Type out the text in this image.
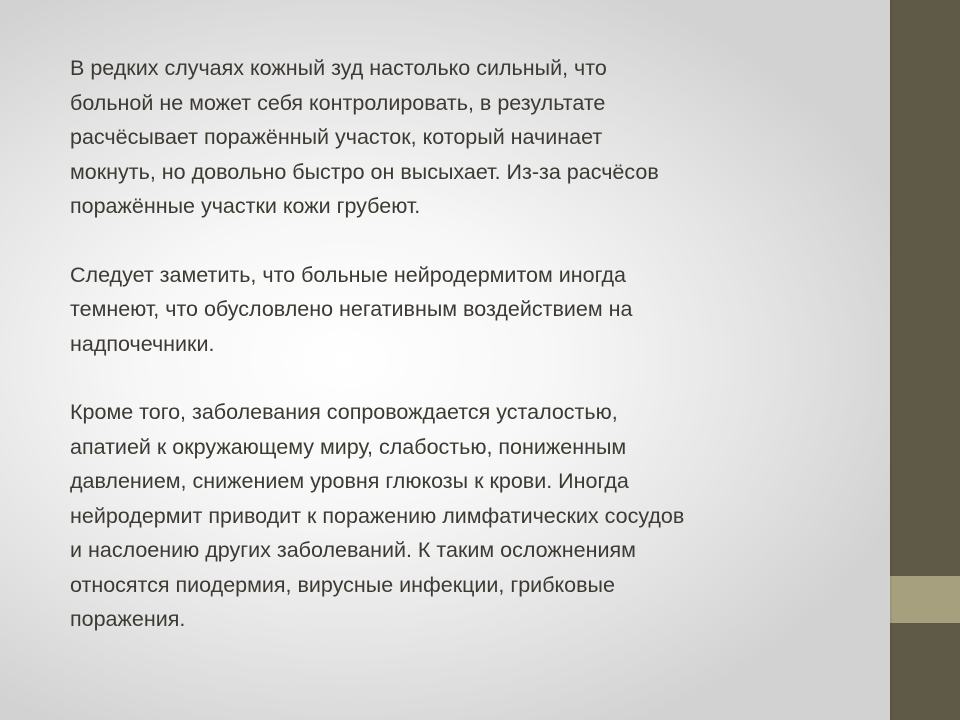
В редких случаях кожный зуд настолько сильный, что
больной не может себя контролировать, в результате
расчёсывает поражённый участок, который начинает
мокнуть, но довольно быстро он высыхает. Из-за расчёсов
поражённые участки кожи грубеют.

Следует заметить, что больные нейродермитом иногда
темнеют, что обусловлено негативным воздействием на
надпочечники.

Кроме того, заболевания сопровождается усталостью,
апатией к окружающему миру, слабостью, пониженным
давлением, снижением уровня глюкозы к крови. Иногда
нейродермит приводит к поражению лимфатических сосудов
и наслоению других заболеваний. К таким осложнениям
относятся пиодермия, вирусные инфекции, грибковые
поражения.
